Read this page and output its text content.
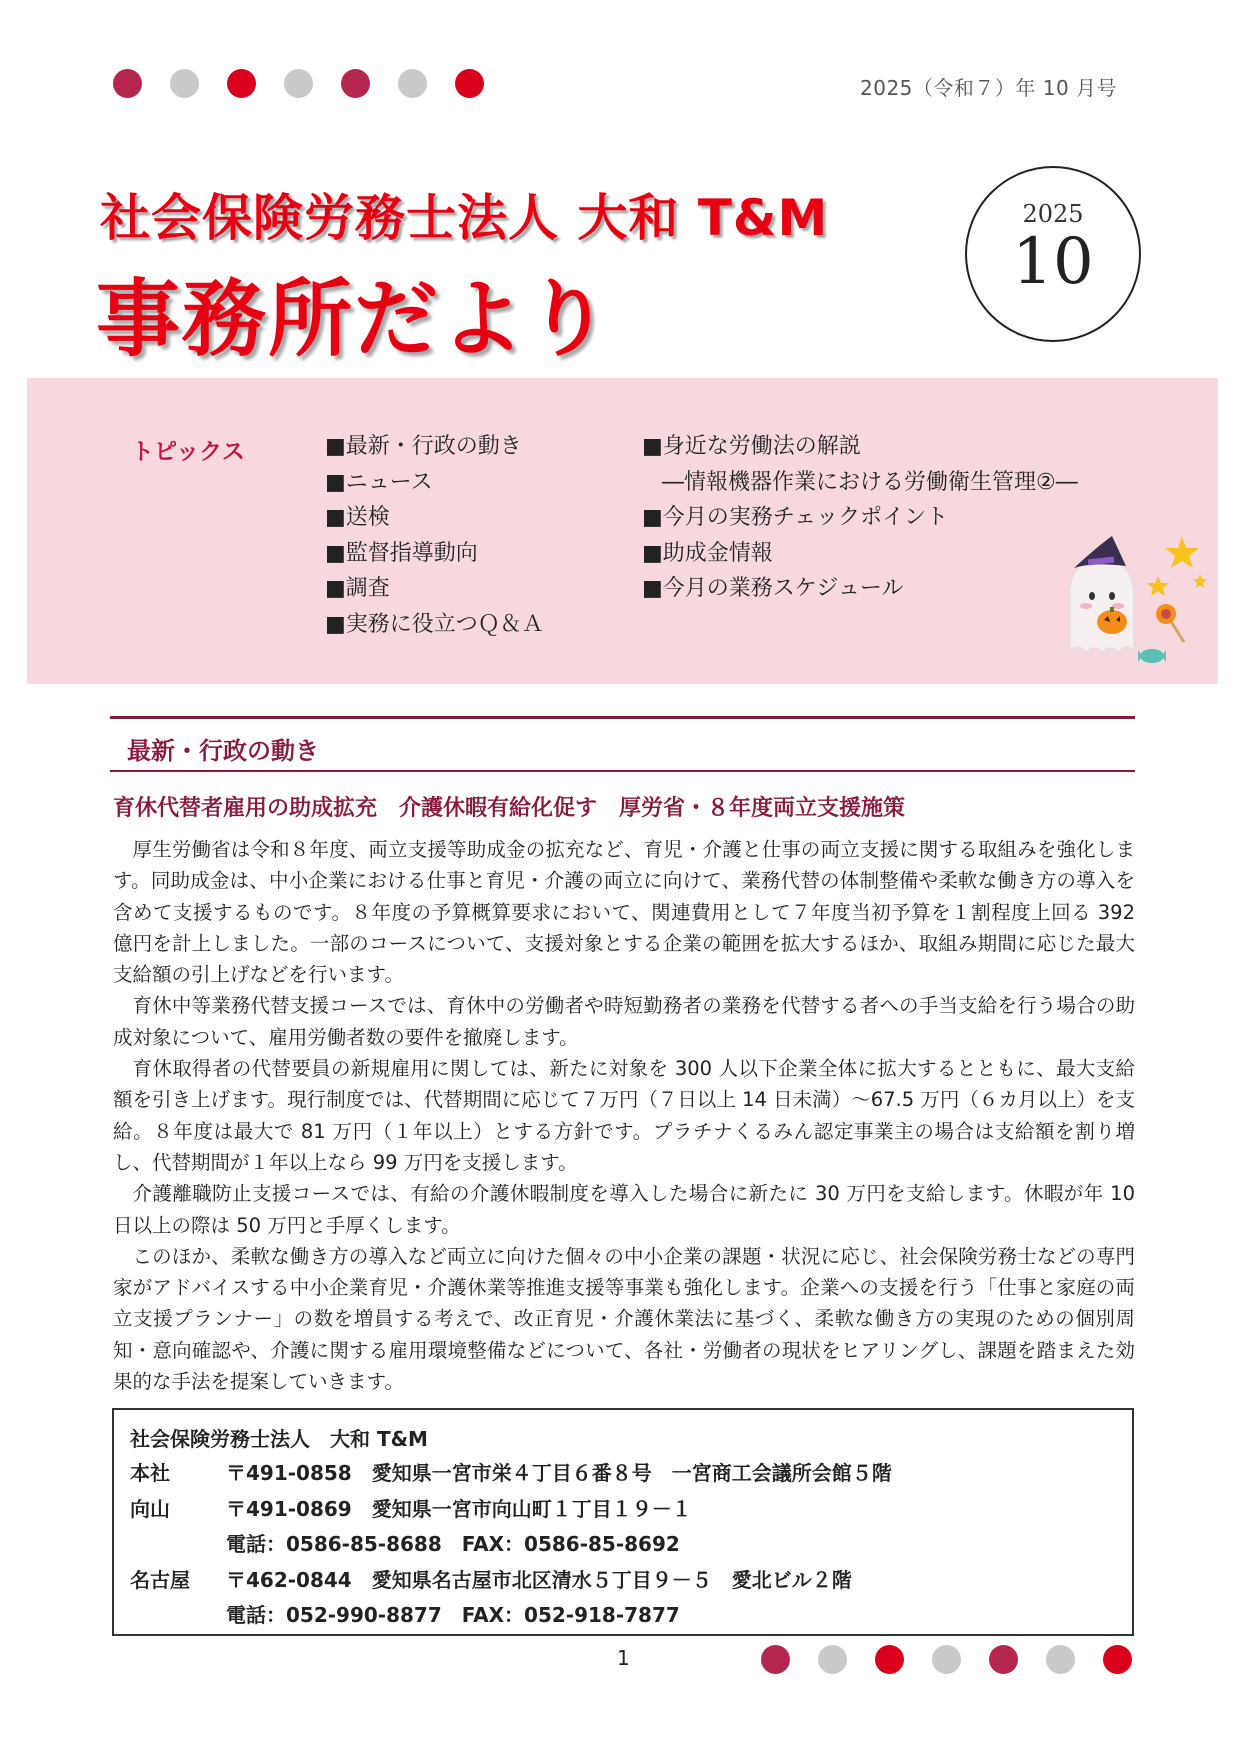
2025（令和７）年 10 月号
社会保険労務士法人 大和 T&M
事務所だより
2025
10
トピックス	■最新・行政の動き
■ニュース
■送検
■監督指導動向
■調査
■実務に役立つＱ＆Ａ
■身近な労働法の解説
―情報機器作業における労働衛生管理②―
■今月の実務チェックポイント
■助成金情報
■今月の業務スケジュール
最新・行政の動き
育休代替者雇用の助成拡充　介護休暇有給化促す　厚労省・８年度両立支援施策

厚生労働省は令和８年度、両立支援等助成金の拡充など、育児・介護と仕事の両立支援に関する取組みを強化します。同助成金は、中小企業における仕事と育児・介護の両立に向けて、業務代替の体制整備や柔軟な働き方の導入を含めて支援するものです。８年度の予算概算要求において、関連費用として７年度当初予算を１割程度上回る 392 億円を計上しました。一部のコースについて、支援対象とする企業の範囲を拡大するほか、取組み期間に応じた最大支給額の引上げなどを行います。

育休中等業務代替支援コースでは、育休中の労働者や時短勤務者の業務を代替する者への手当支給を行う場合の助成対象について、雇用労働者数の要件を撤廃します。

育休取得者の代替要員の新規雇用に関しては、新たに対象を 300 人以下企業全体に拡大するとともに、最大支給額を引き上げます。現行制度では、代替期間に応じて７万円（７日以上 14 日未満）～67.5 万円（６カ月以上）を支給。８年度は最大で 81 万円（１年以上）とする方針です。プラチナくるみん認定事業主の場合は支給額を割り増し、代替期間が１年以上なら 99 万円を支援します。

介護離職防止支援コースでは、有給の介護休暇制度を導入した場合に新たに 30 万円を支給します。休暇が年 10 日以上の際は 50 万円と手厚くします。

このほか、柔軟な働き方の導入など両立に向けた個々の中小企業の課題・状況に応じ、社会保険労務士などの専門家がアドバイスする中小企業育児・介護休業等推進支援等事業も強化します。企業への支援を行う「仕事と家庭の両立支援プランナー」の数を増員する考えで、改正育児・介護休業法に基づく、柔軟な働き方の実現のための個別周知・意向確認や、介護に関する雇用環境整備などについて、各社・労働者の現状をヒアリングし、課題を踏まえた効果的な手法を提案していきます。

社会保険労務士法人　大和 T&M
本社	〒491-0858　愛知県一宮市栄４丁目６番８号　一宮商工会議所会館５階
向山	〒491-0869　愛知県一宮市向山町１丁目１９－１
電話：0586-85-8688　FAX：0586-85-8692
名古屋	〒462-0844　愛知県名古屋市北区清水５丁目９－５　愛北ビル２階
電話：052-990-8877　FAX：052-918-7877
1
